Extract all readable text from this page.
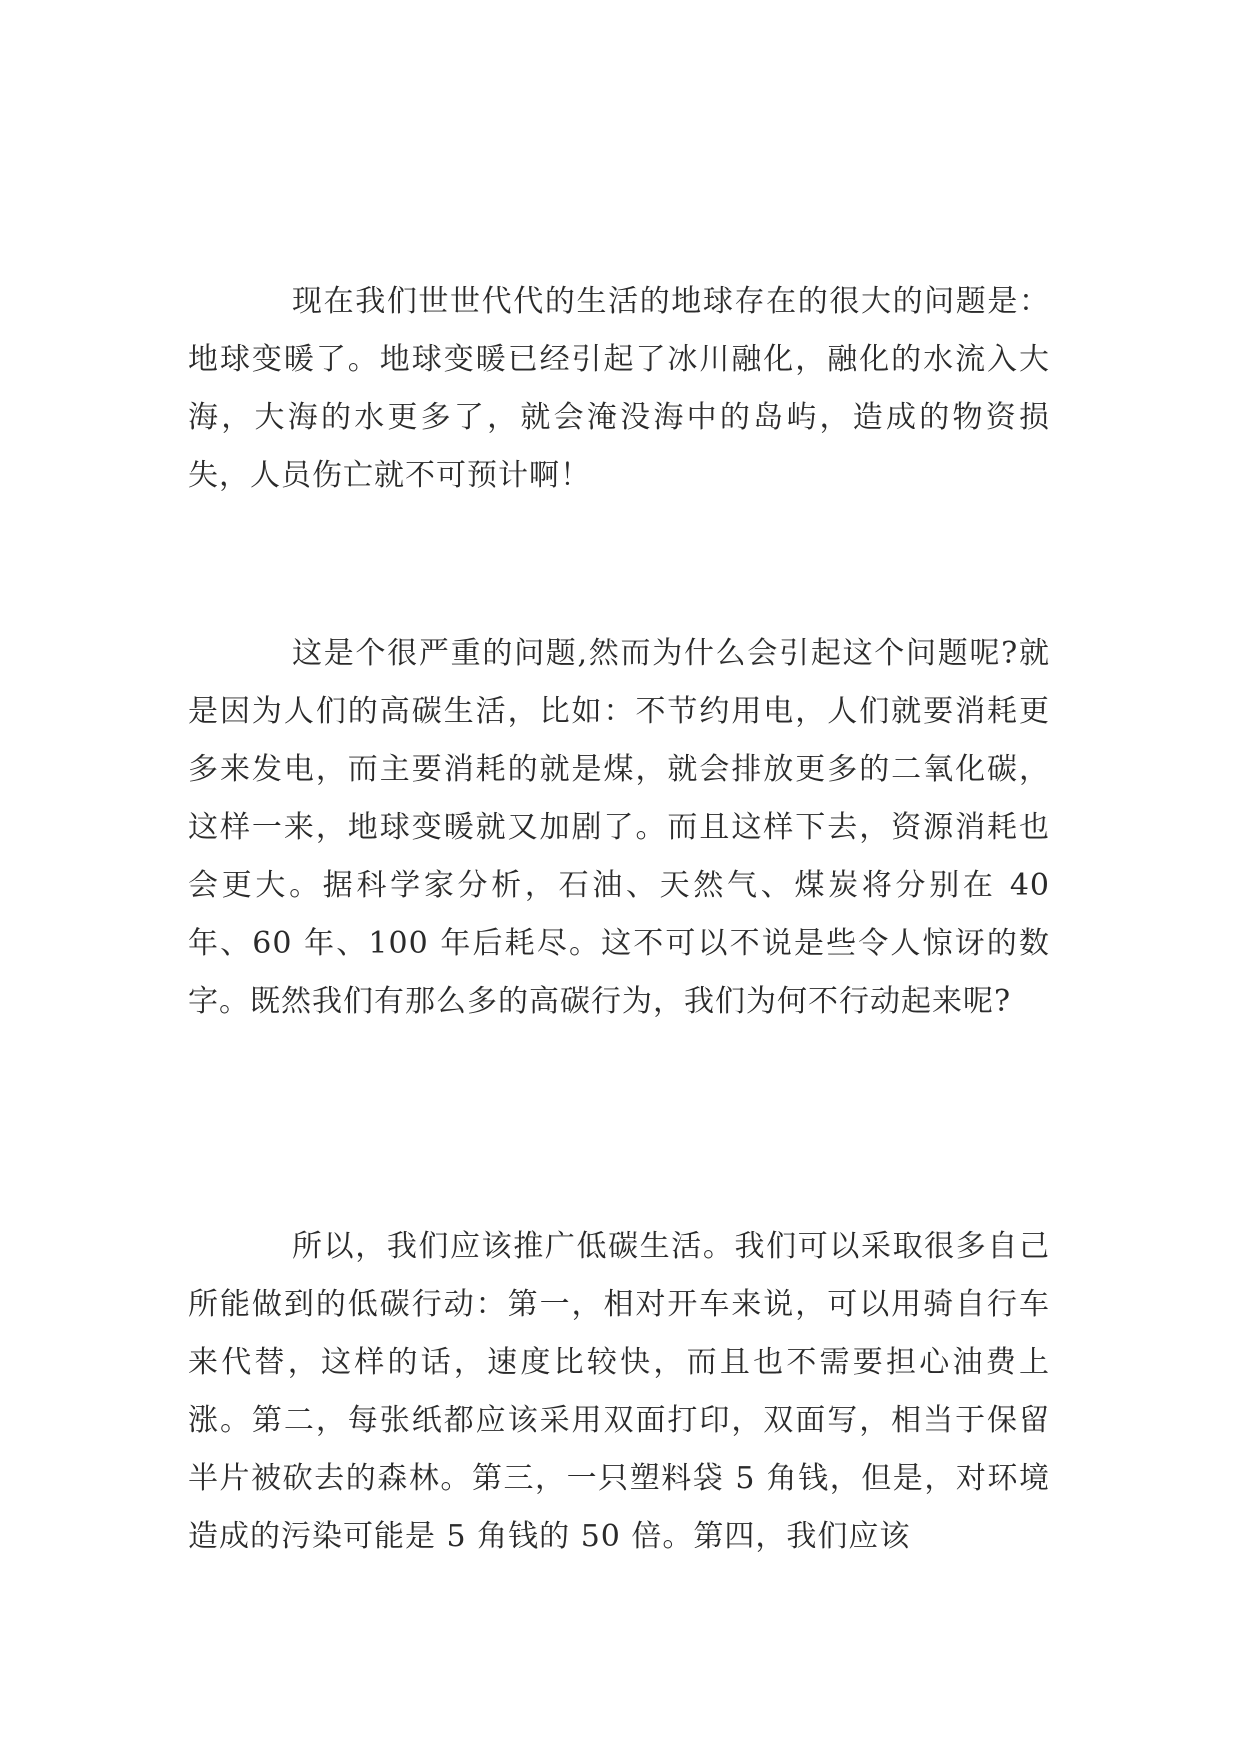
现在我们世世代代的生活的地球存在的很大的问题是：地球变暖了。地球变暖已经引起了冰川融化，融化的水流入大海，大海的水更多了，就会淹没海中的岛屿，造成的物资损失，人员伤亡就不可预计啊！

这是个很严重的问题,然而为什么会引起这个问题呢?就是因为人们的高碳生活，比如：不节约用电，人们就要消耗更多来发电，而主要消耗的就是煤，就会排放更多的二氧化碳，这样一来，地球变暖就又加剧了。而且这样下去，资源消耗也会更大。据科学家分析，石油、天然气、煤炭将分别在 40 年、60 年、100 年后耗尽。这不可以不说是些令人惊讶的数字。既然我们有那么多的高碳行为，我们为何不行动起来呢?

所以，我们应该推广低碳生活。我们可以采取很多自己所能做到的低碳行动：第一，相对开车来说，可以用骑自行车来代替，这样的话，速度比较快，而且也不需要担心油费上涨。第二，每张纸都应该采用双面打印，双面写，相当于保留半片被砍去的森林。第三，一只塑料袋 5 角钱，但是，对环境造成的污染可能是 5 角钱的 50 倍。第四，我们应该
